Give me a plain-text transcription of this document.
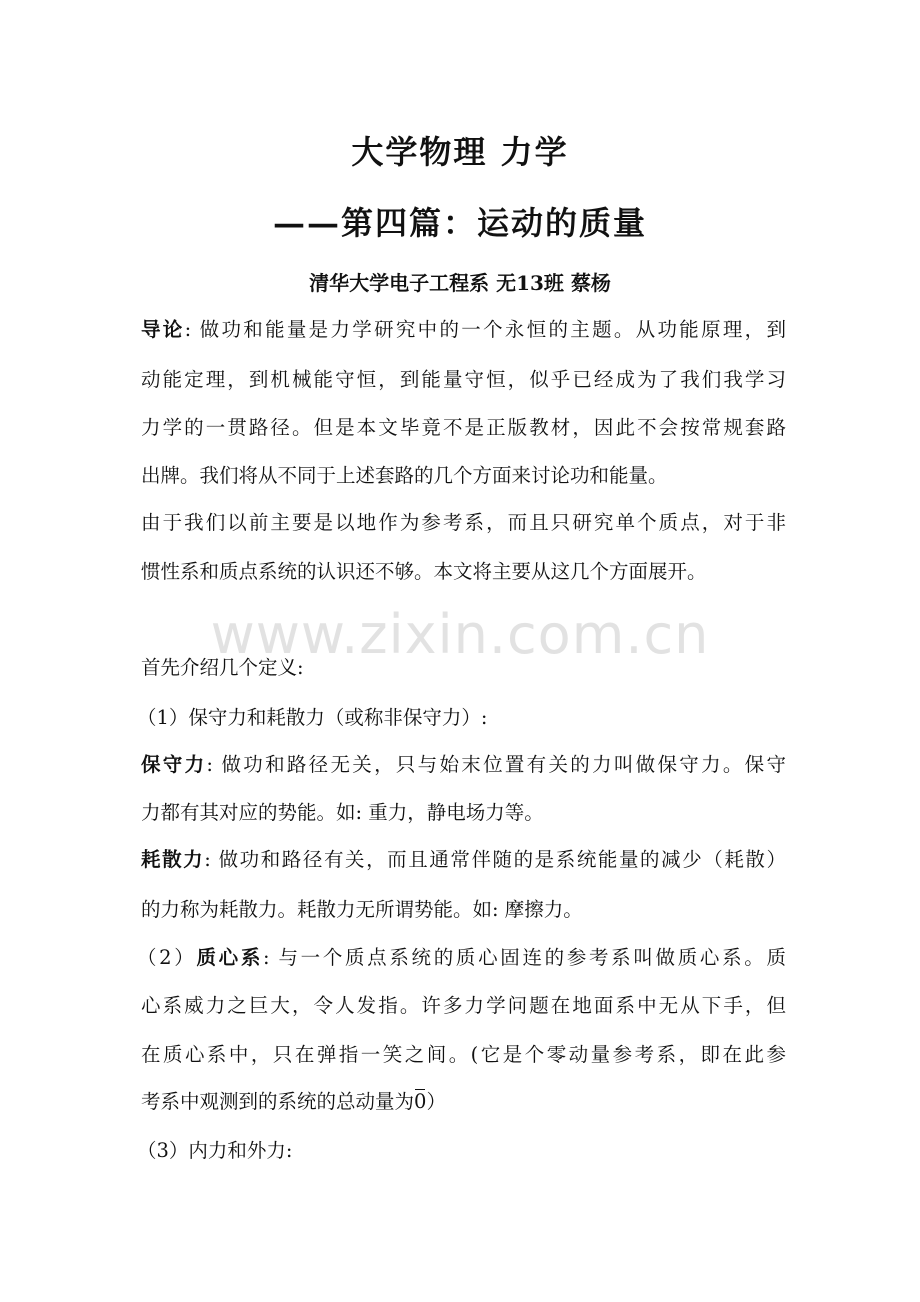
大学物理 力学
——第四篇：运动的质量
清华大学电子工程系 无13班 蔡杨
www.zixin.com.cn

导论: 做功和能量是力学研究中的一个永恒的主题。从功能原理，到

动能定理，到机械能守恒，到能量守恒，似乎已经成为了我们我学习

力学的一贯路径。但是本文毕竟不是正版教材，因此不会按常规套路

出牌。我们将从不同于上述套路的几个方面来讨论功和能量。

由于我们以前主要是以地作为参考系，而且只研究单个质点，对于非

惯性系和质点系统的认识还不够。本文将主要从这几个方面展开。

首先介绍几个定义:

（1）保守力和耗散力（或称非保守力）:

保守力: 做功和路径无关，只与始末位置有关的力叫做保守力。保守

力都有其对应的势能。如: 重力，静电场力等。

耗散力: 做功和路径有关，而且通常伴随的是系统能量的减少（耗散）

的力称为耗散力。耗散力无所谓势能。如: 摩擦力。

（2）质心系: 与一个质点系统的质心固连的参考系叫做质心系。质

心系威力之巨大，令人发指。许多力学问题在地面系中无从下手，但

在质心系中，只在弹指一笑之间。(它是个零动量参考系，即在此参

考系中观测到的系统的总动量为0）

（3）内力和外力:
